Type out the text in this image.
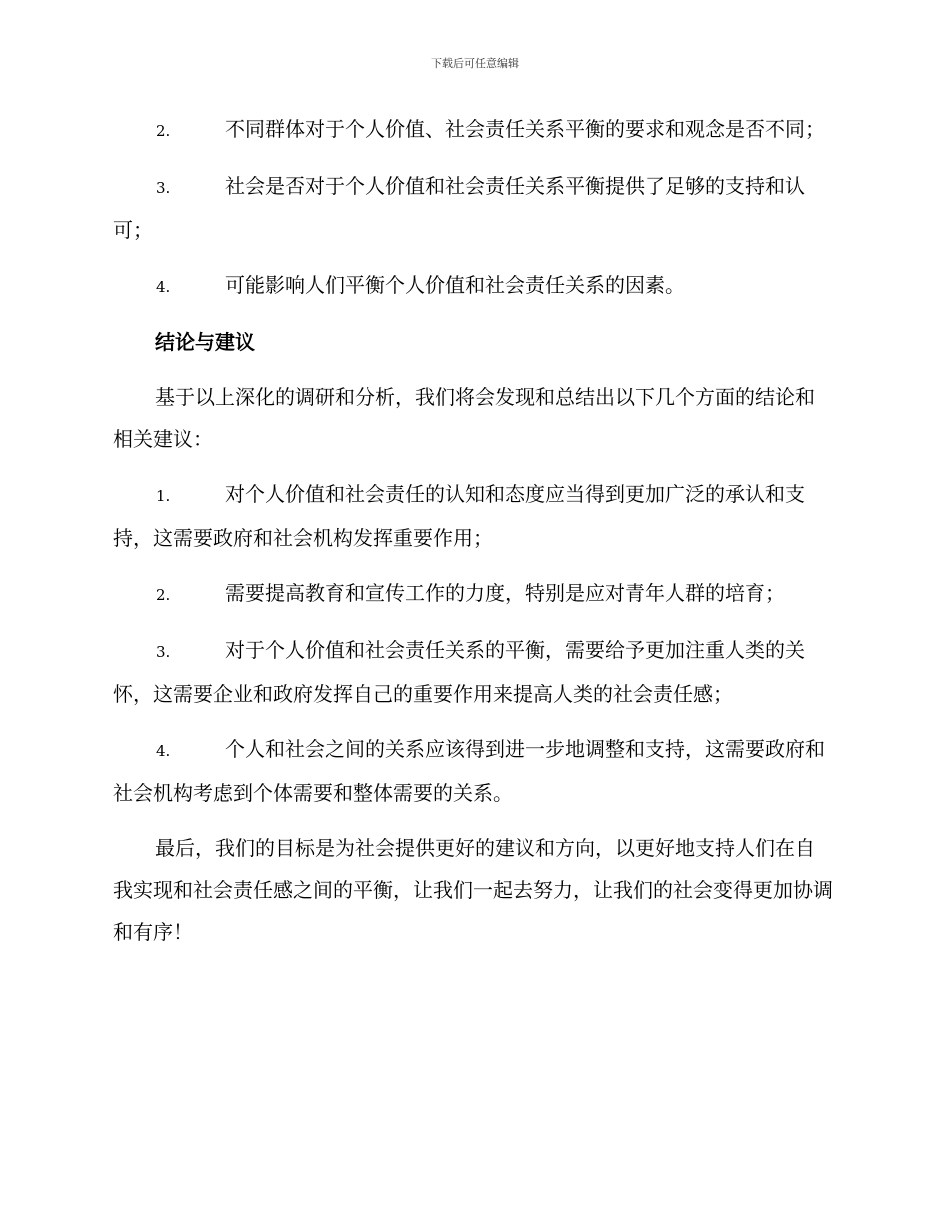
下载后可任意编辑

2.	不同群体对于个人价值、社会责任关系平衡的要求和观念是否不同；

3.	社会是否对于个人价值和社会责任关系平衡提供了足够的支持和认可；

4.	可能影响人们平衡个人价值和社会责任关系的因素。

结论与建议

基于以上深化的调研和分析，我们将会发现和总结出以下几个方面的结论和相关建议：

1.	对个人价值和社会责任的认知和态度应当得到更加广泛的承认和支持，这需要政府和社会机构发挥重要作用；

2.	需要提高教育和宣传工作的力度，特别是应对青年人群的培育；

3.	对于个人价值和社会责任关系的平衡，需要给予更加注重人类的关怀，这需要企业和政府发挥自己的重要作用来提高人类的社会责任感；

4.	个人和社会之间的关系应该得到进一步地调整和支持，这需要政府和社会机构考虑到个体需要和整体需要的关系。

最后，我们的目标是为社会提供更好的建议和方向，以更好地支持人们在自我实现和社会责任感之间的平衡，让我们一起去努力，让我们的社会变得更加协调和有序！
